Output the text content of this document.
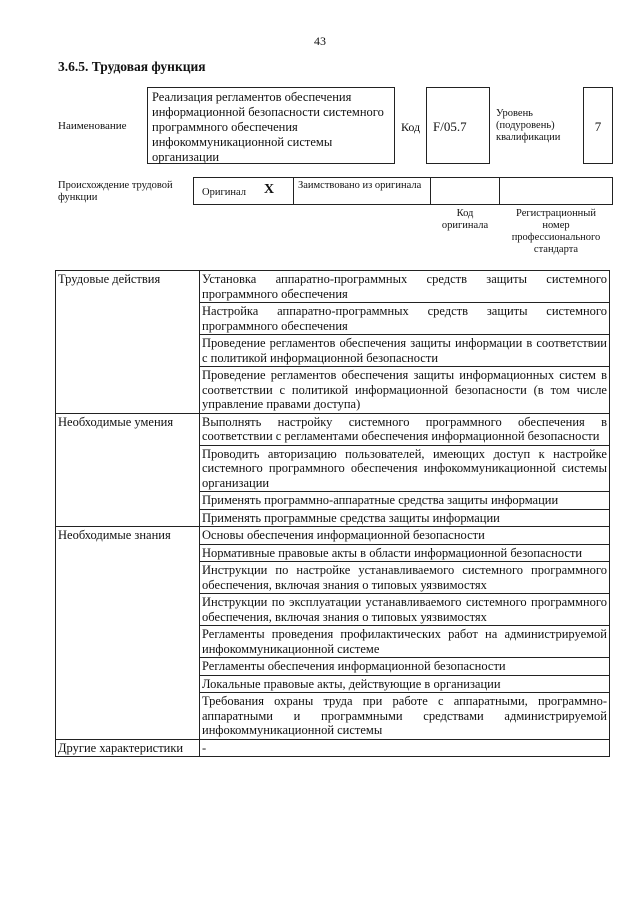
43
3.6.5. Трудовая функция
Наименование
Реализация регламентов обеспечения информационной безопасности системного программного обеспечения инфокоммуникационной системы организации
Код F/05.7
Уровень (подуровень) квалификации
7
Происхождение трудовой функции	Оригинал X	Заимствовано из оригинала
Код оригинала
Регистрационный номер профессионального стандарта
Трудовые действия	Установка аппаратно-программных средств защиты системного программного обеспечения
	Настройка аппаратно-программных средств защиты системного программного обеспечения
	Проведение регламентов обеспечения защиты информации в соответствии с политикой информационной безопасности
	Проведение регламентов обеспечения защиты информационных систем в соответствии с политикой информационной безопасности (в том числе управление правами доступа)
Необходимые умения	Выполнять настройку системного программного обеспечения в соответствии с регламентами обеспечения информационной безопасности
	Проводить авторизацию пользователей, имеющих доступ к настройке системного программного обеспечения инфокоммуникационной системы организации
	Применять программно-аппаратные средства защиты информации
	Применять программные средства защиты информации
Необходимые знания	Основы обеспечения информационной безопасности
	Нормативные правовые акты в области информационной безопасности
	Инструкции по настройке устанавливаемого системного программного обеспечения, включая знания о типовых уязвимостях
	Инструкции по эксплуатации устанавливаемого системного программного обеспечения, включая знания о типовых уязвимостях
	Регламенты проведения профилактических работ на администрируемой инфокоммуникационной системе
	Регламенты обеспечения информационной безопасности
	Локальные правовые акты, действующие в организации
	Требования охраны труда при работе с аппаратными, программно-аппаратными и программными средствами администрируемой инфокоммуникационной системы
Другие характеристики	-
